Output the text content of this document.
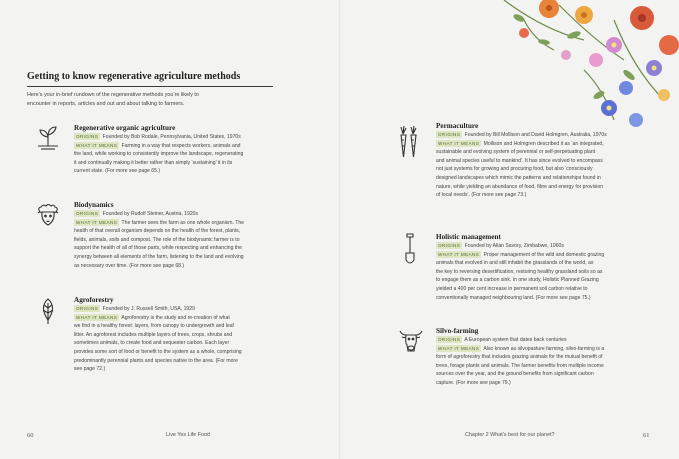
Getting to know regenerative agriculture methods
Here’s your in-brief rundown of the regenerative methods you’re likely to
encounter in reports, articles and out and about talking to farmers.
Regenerative organic agriculture
ORIGINS Founded by Bob Rodale, Pennsylvania, United States, 1970s
WHAT IT MEANS Farming in a way that respects workers, animals and
the land, while working to consistently improve the landscape, regenerating
it and continually making it better rather than simply ‘sustaining’ it in its
current state. (For more see page 65.)
Biodynamics
ORIGINS Founded by Rudolf Steiner, Austria, 1920s
WHAT IT MEANS The farmer sees the farm as one whole organism. The
health of that overall organism depends on the health of the forest, plants,
fields, animals, soils and compost. The role of the biodynamic farmer is to
support the health of all of those parts, while respecting and enhancing the
synergy between all elements of the farm, listening to the land and evolving
as necessary over time. (For more see page 68.)
Agroforestry
ORIGINS Founded by J. Russell Smith, USA, 1929
WHAT IT MEANS Agroforestry is the study and re-creation of what
we find in a healthy forest: layers, from canopy to undergrowth and leaf
litter. An agroforest includes multiple layers of trees, crops, shrubs and
sometimes animals, to create food and sequester carbon. Each layer
provides some sort of food or benefit to the system as a whole, comprising
predominantly perennial plants and species native to the area. (For more
see page 72.)
Permaculture
ORIGINS Founded by Bill Mollison and David Holmgren, Australia, 1970s
WHAT IT MEANS Mollison and Holmgren described it as ‘an integrated,
sustainable and evolving system of perennial or self-perpetuating plant
and animal species useful to mankind’. It has since evolved to encompass
not just systems for growing and procuring food, but also ‘consciously
designed landscapes which mimic the patterns and relationships found in
nature, while yielding an abundance of food, fibre and energy for provision
of local needs’. (For more see page 73.)
Holistic management
ORIGINS Founded by Allan Savory, Zimbabwe, 1960s
WHAT IT MEANS Proper management of the wild and domestic grazing
animals that evolved in and still inhabit the grasslands of the world, as
the key to reversing desertification, restoring healthy grassland soils so as
to engage them as a carbon sink. In one study, Holistic Planned Grazing
yielded a 400 per cent increase in permanent soil carbon relative to
conventionally managed neighbouring land. (For more see page 75.)
Silvo-farming
ORIGINS A European system that dates back centuries
WHAT IT MEANS Also known as silvopasture farming, silvo-farming is a
form of agroforestry that includes grazing animals for the mutual benefit of
trees, forage plants and animals. The farmer benefits from multiple income
sources over the year, and the ground benefits from significant carbon
capture. (For more see page 79.)
60	Live Yes Life Food	Chapter 2 What’s best for our planet?	61
